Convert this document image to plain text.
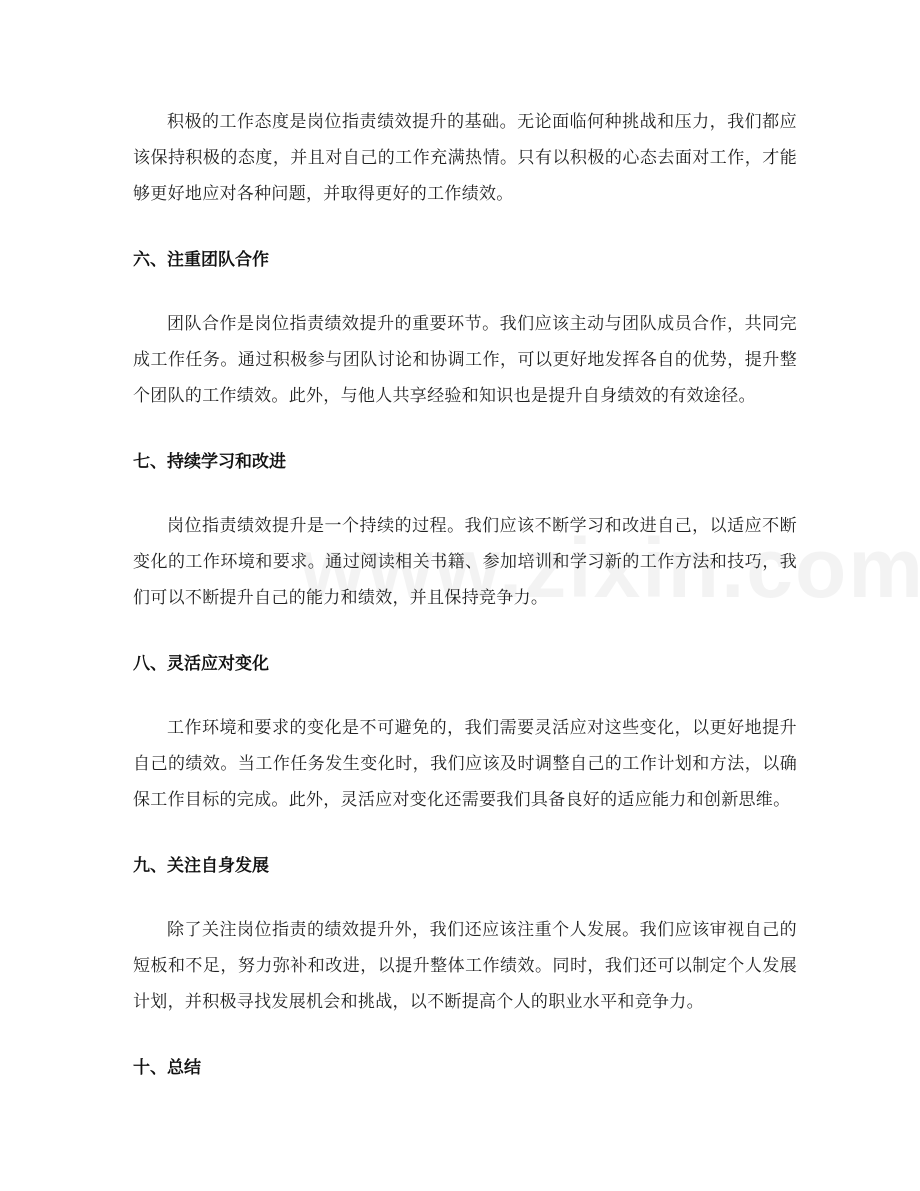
积极的工作态度是岗位指责绩效提升的基础。无论面临何种挑战和压力，我们都应该保持积极的态度，并且对自己的工作充满热情。只有以积极的心态去面对工作，才能够更好地应对各种问题，并取得更好的工作绩效。

六、注重团队合作

团队合作是岗位指责绩效提升的重要环节。我们应该主动与团队成员合作，共同完成工作任务。通过积极参与团队讨论和协调工作，可以更好地发挥各自的优势，提升整个团队的工作绩效。此外，与他人共享经验和知识也是提升自身绩效的有效途径。

七、持续学习和改进

岗位指责绩效提升是一个持续的过程。我们应该不断学习和改进自己，以适应不断变化的工作环境和要求。通过阅读相关书籍、参加培训和学习新的工作方法和技巧，我们可以不断提升自己的能力和绩效，并且保持竞争力。

八、灵活应对变化

工作环境和要求的变化是不可避免的，我们需要灵活应对这些变化，以更好地提升自己的绩效。当工作任务发生变化时，我们应该及时调整自己的工作计划和方法，以确保工作目标的完成。此外，灵活应对变化还需要我们具备良好的适应能力和创新思维。

九、关注自身发展

除了关注岗位指责的绩效提升外，我们还应该注重个人发展。我们应该审视自己的短板和不足，努力弥补和改进，以提升整体工作绩效。同时，我们还可以制定个人发展计划，并积极寻找发展机会和挑战，以不断提高个人的职业水平和竞争力。

十、总结
